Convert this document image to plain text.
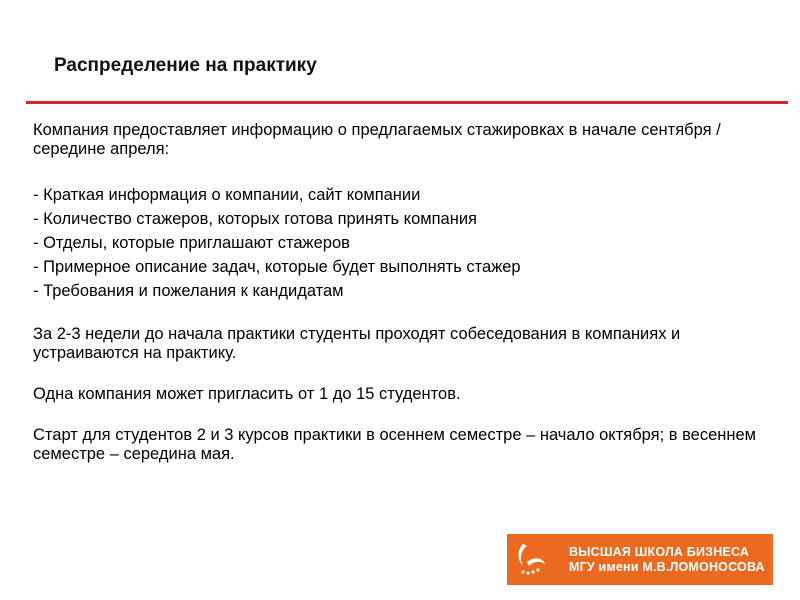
Распределение на практику

Компания предоставляет информацию о предлагаемых стажировках в начале сентября / середине апреля:

- Краткая информация о компании, сайт компании
- Количество стажеров, которых готова принять компания
- Отделы, которые приглашают стажеров
- Примерное описание задач, которые будет выполнять стажер
- Требования и пожелания к кандидатам

За 2-3 недели до начала практики студенты проходят собеседования в компаниях и устраиваются на практику.

Одна компания может пригласить от 1 до 15 студентов.

Старт для студентов 2 и 3 курсов практики в осеннем семестре – начало октября; в весеннем семестре – середина мая.

ВЫСШАЯ ШКОЛА БИЗНЕСА
МГУ имени М.В.ЛОМОНОСОВА
